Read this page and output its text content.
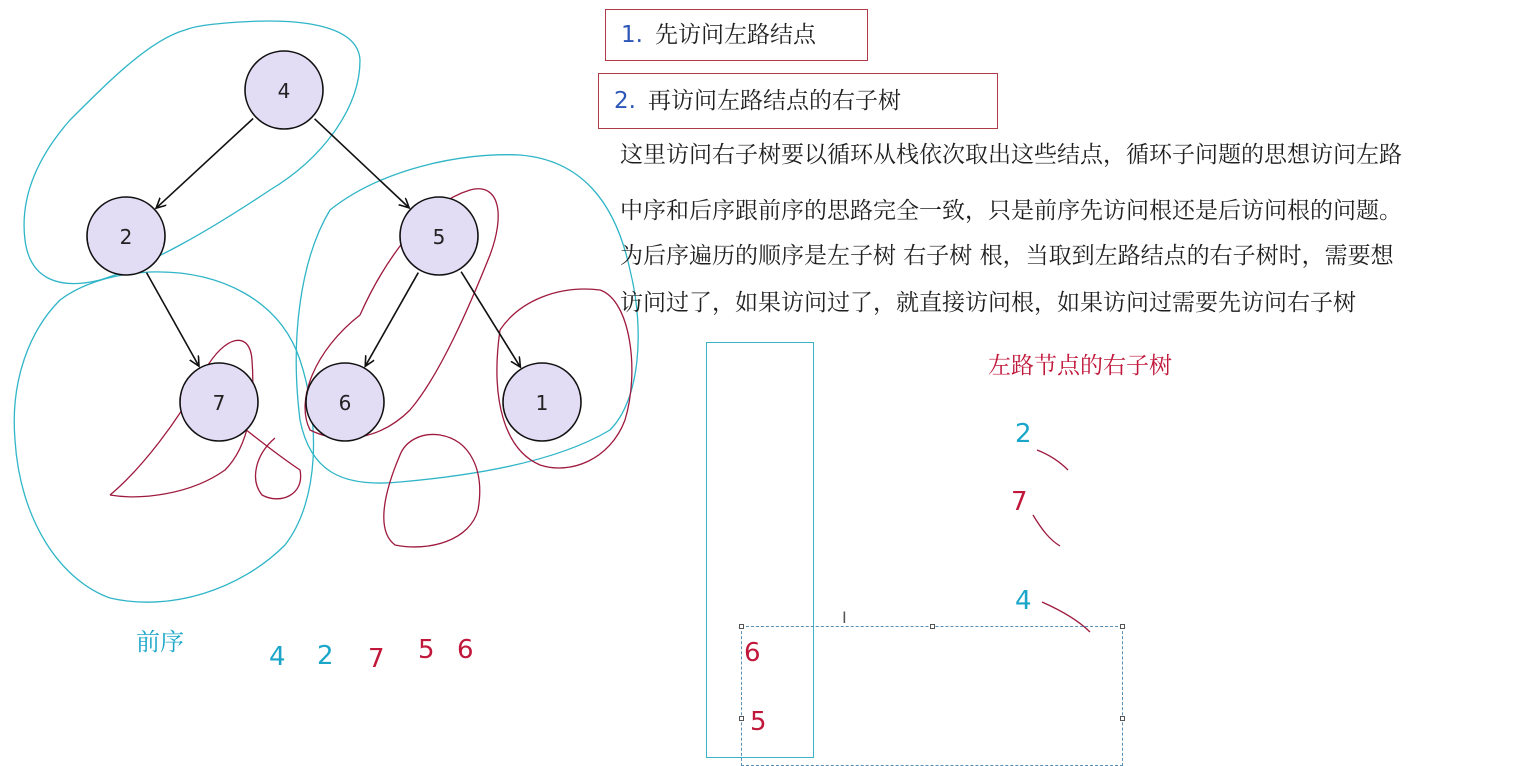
4
2	5
7	6	1
1. 先访问左路结点
2. 再访问左路结点的右子树
这里访问右子树要以循环从栈依次取出这些结点，循环子问题的思想访问左路
中序和后序跟前序的思路完全一致，只是前序先访问根还是后访问根的问题。
为后序遍历的顺序是左子树 右子树 根，当取到左路结点的右子树时，需要想
访问过了，如果访问过了，就直接访问根，如果访问过需要先访问右子树
前序	4 2 7 5 6	6
5
I
左路节点的右子树
2
7
4
